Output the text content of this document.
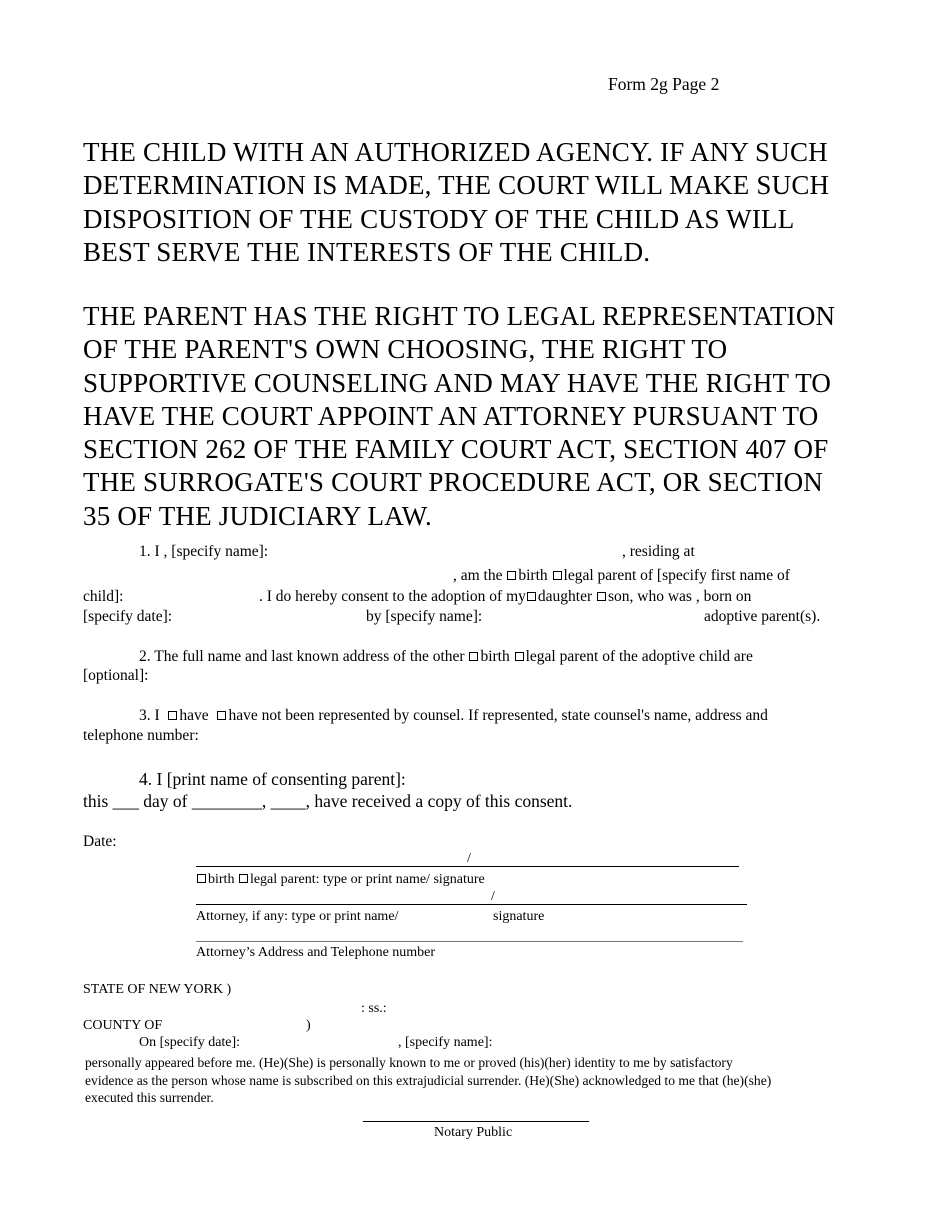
Form 2g Page 2
THE CHILD WITH AN AUTHORIZED AGENCY. IF ANY SUCH
DETERMINATION IS MADE, THE COURT WILL MAKE SUCH
DISPOSITION OF THE CUSTODY OF THE CHILD AS WILL
BEST SERVE THE INTERESTS OF THE CHILD.
THE PARENT HAS THE RIGHT TO LEGAL REPRESENTATION
OF THE PARENT'S OWN CHOOSING, THE RIGHT TO
SUPPORTIVE COUNSELING AND MAY HAVE THE RIGHT TO
HAVE THE COURT APPOINT AN ATTORNEY PURSUANT TO
SECTION 262 OF THE FAMILY COURT ACT, SECTION 407 OF
THE SURROGATE'S COURT PROCEDURE ACT, OR SECTION
35 OF THE JUDICIARY LAW.
1. I , [specify name]:	, residing at
, am the birth legal parent of [specify first name of
child]:	. I do hereby consent to the adoption of my daughter son, who was , born on
[specify date]:	by [specify name]:	adoptive parent(s).
2. The full name and last known address of the other birth legal parent of the adoptive child are
[optional]:
3. I have have not been represented by counsel. If represented, state counsel's name, address and
telephone number:
4. I [print name of consenting parent]:
this ___ day of ________, ____, have received a copy of this consent.
Date:
/
birth legal parent: type or print name/ signature
/
Attorney, if any: type or print name/	signature
Attorney’s Address and Telephone number
STATE OF NEW YORK )
: ss.:
COUNTY OF	)
On [specify date]:	, [specify name]:
personally appeared before me. (He)(She) is personally known to me or proved (his)(her) identity to me by satisfactory
evidence as the person whose name is subscribed on this extrajudicial surrender. (He)(She) acknowledged to me that (he)(she)
executed this surrender.
Notary Public
